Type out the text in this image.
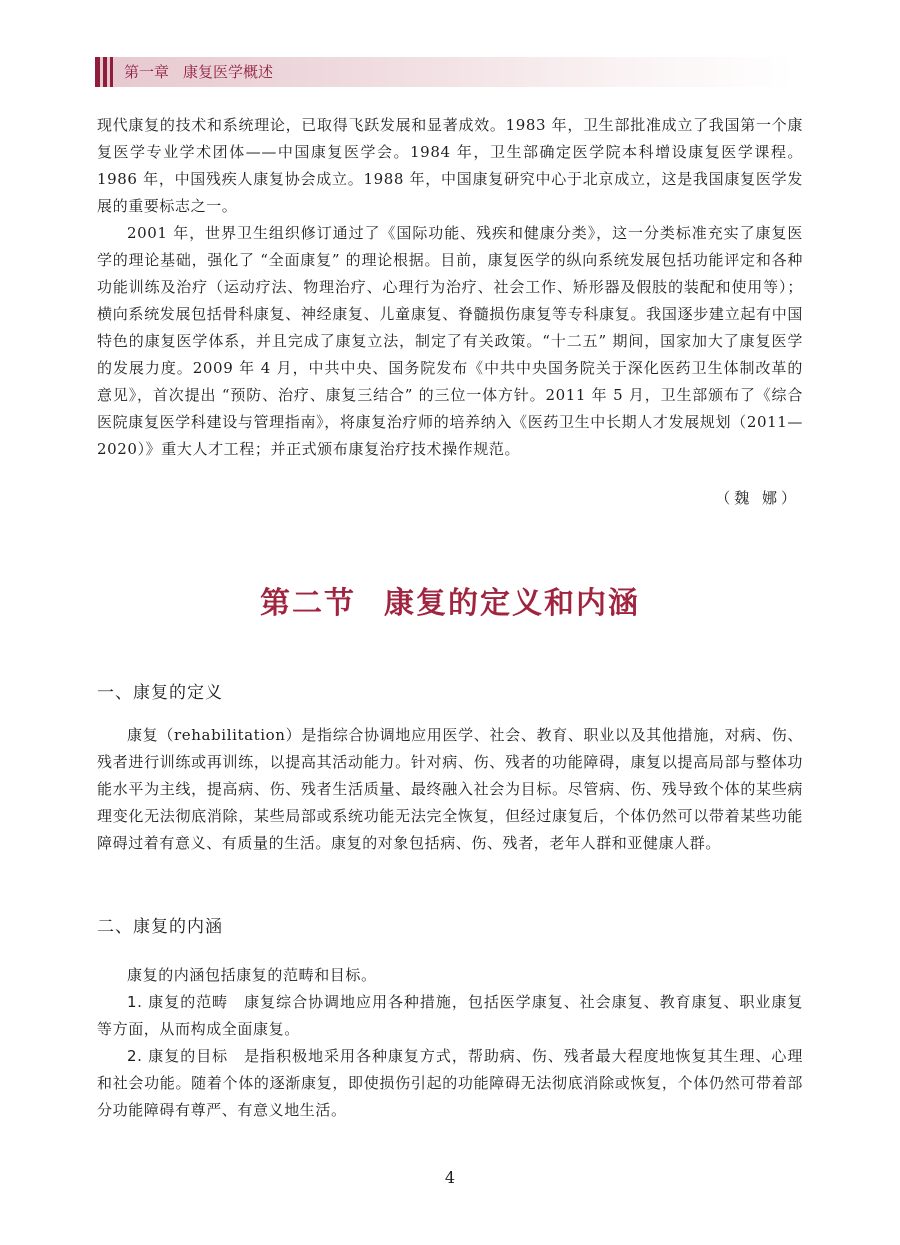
第一章 康复医学概述

现代康复的技术和系统理论，已取得飞跃发展和显著成效。1983 年，卫生部批准成立了我国第一个康复医学专业学术团体——中国康复医学会。1984 年，卫生部确定医学院本科增设康复医学课程。1986 年，中国残疾人康复协会成立。1988 年，中国康复研究中心于北京成立，这是我国康复医学发展的重要标志之一。

2001 年，世界卫生组织修订通过了《国际功能、残疾和健康分类》，这一分类标准充实了康复医学的理论基础，强化了 “全面康复” 的理论根据。目前，康复医学的纵向系统发展包括功能评定和各种功能训练及治疗（运动疗法、物理治疗、心理行为治疗、社会工作、矫形器及假肢的装配和使用等）；横向系统发展包括骨科康复、神经康复、儿童康复、脊髓损伤康复等专科康复。我国逐步建立起有中国特色的康复医学体系，并且完成了康复立法，制定了有关政策。“十二五” 期间，国家加大了康复医学的发展力度。2009 年 4 月，中共中央、国务院发布《中共中央国务院关于深化医药卫生体制改革的意见》，首次提出 “预防、治疗、康复三结合” 的三位一体方针。2011 年 5 月，卫生部颁布了《综合医院康复医学科建设与管理指南》，将康复治疗师的培养纳入《医药卫生中长期人才发展规划（2011—2020）》重大人才工程；并正式颁布康复治疗技术操作规范。

（魏 娜）
第二节 康复的定义和内涵
一、康复的定义

康复（rehabilitation）是指综合协调地应用医学、社会、教育、职业以及其他措施，对病、伤、残者进行训练或再训练，以提高其活动能力。针对病、伤、残者的功能障碍，康复以提高局部与整体功能水平为主线，提高病、伤、残者生活质量、最终融入社会为目标。尽管病、伤、残导致个体的某些病理变化无法彻底消除，某些局部或系统功能无法完全恢复，但经过康复后，个体仍然可以带着某些功能障碍过着有意义、有质量的生活。康复的对象包括病、伤、残者，老年人群和亚健康人群。

二、康复的内涵

康复的内涵包括康复的范畴和目标。

1. 康复的范畴 康复综合协调地应用各种措施，包括医学康复、社会康复、教育康复、职业康复等方面，从而构成全面康复。

2. 康复的目标 是指积极地采用各种康复方式，帮助病、伤、残者最大程度地恢复其生理、心理和社会功能。随着个体的逐渐康复，即使损伤引起的功能障碍无法彻底消除或恢复，个体仍然可带着部分功能障碍有尊严、有意义地生活。

4
